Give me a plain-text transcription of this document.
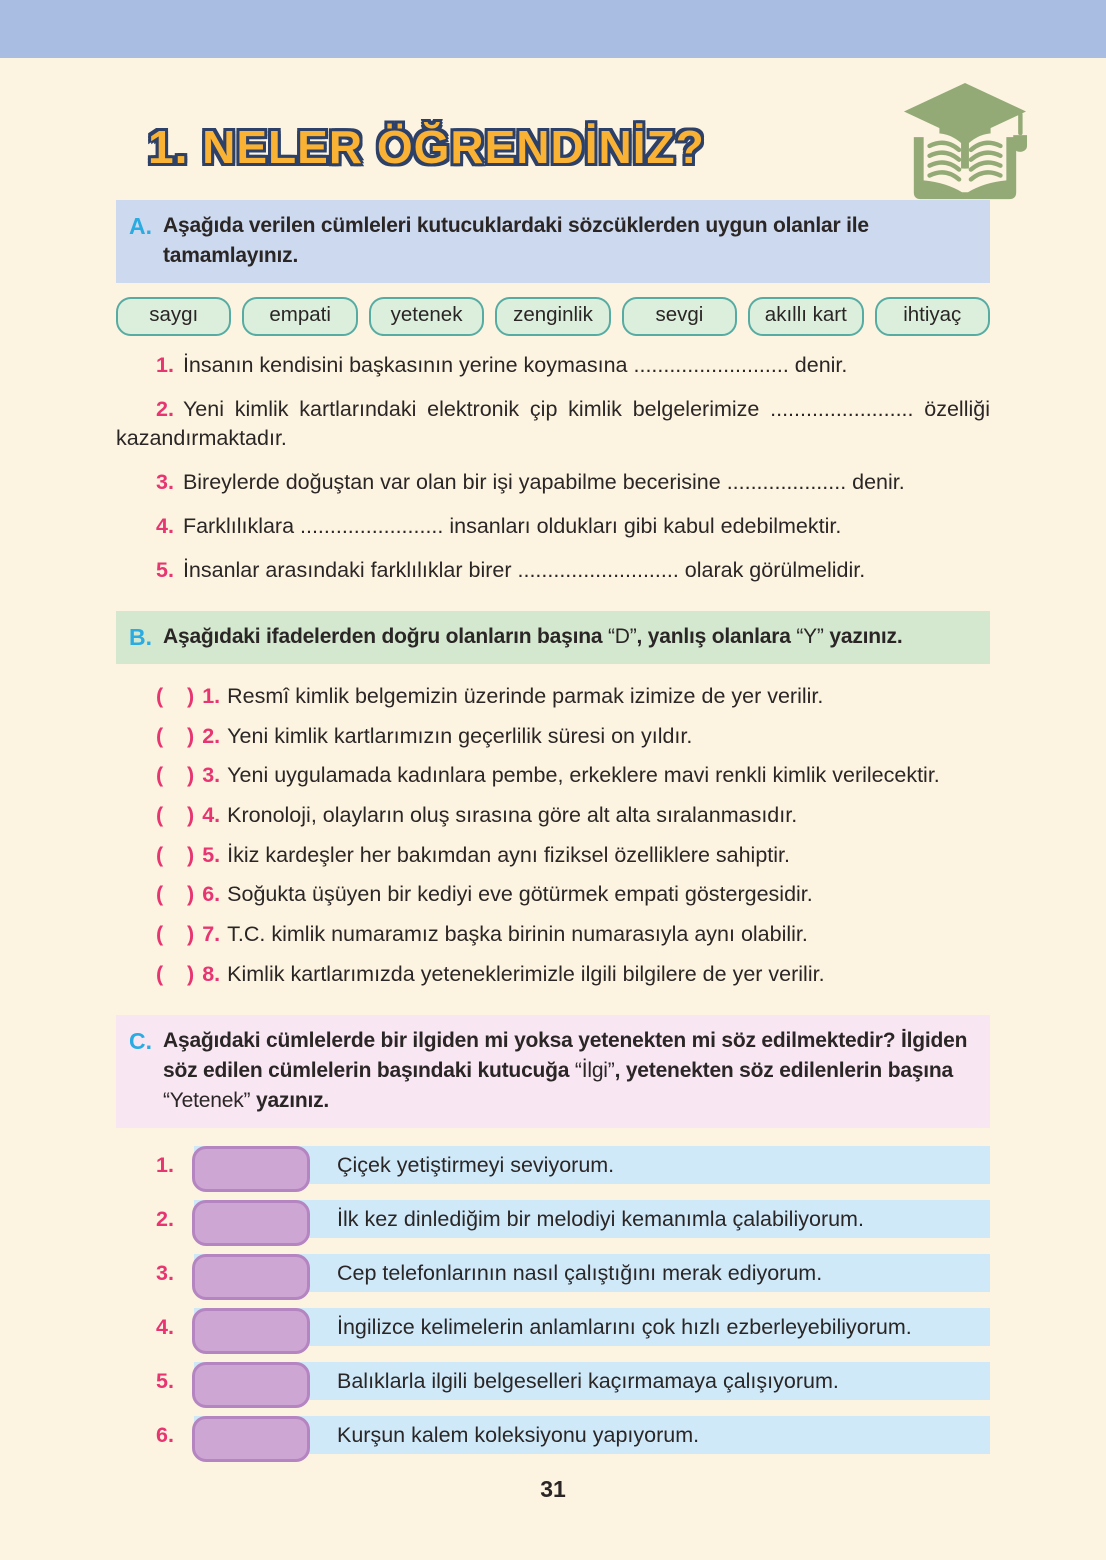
1. NELER ÖĞRENDİNİZ?
A. Aşağıda verilen cümleleri kutucuklardaki sözcüklerden uygun olanlar ile tamamlayınız.

saygı	empati	yetenek	zenginlik	sevgi	akıllı kart	ihtiyaç

1. İnsanın kendisini başkasının yerine koymasına .......................... denir.

2. Yeni kimlik kartlarındaki elektronik çip kimlik belgelerimize ........................ özelliği kazandırmaktadır.

3. Bireylerde doğuştan var olan bir işi yapabilme becerisine .................... denir.

4. Farklılıklara ........................ insanları oldukları gibi kabul edebilmektir.

5. İnsanlar arasındaki farklılıklar birer ........................... olarak görülmelidir.

B. Aşağıdaki ifadelerden doğru olanların başına “D”, yanlış olanlara “Y” yazınız.

(    ) 1. Resmî kimlik belgemizin üzerinde parmak izimize de yer verilir.

(    ) 2. Yeni kimlik kartlarımızın geçerlilik süresi on yıldır.

(    ) 3. Yeni uygulamada kadınlara pembe, erkeklere mavi renkli kimlik verilecektir.

(    ) 4. Kronoloji, olayların oluş sırasına göre alt alta sıralanmasıdır.

(    ) 5. İkiz kardeşler her bakımdan aynı fiziksel özelliklere sahiptir.

(    ) 6. Soğukta üşüyen bir kediyi eve götürmek empati göstergesidir.

(    ) 7. T.C. kimlik numaramız başka birinin numarasıyla aynı olabilir.

(    ) 8. Kimlik kartlarımızda yeteneklerimizle ilgili bilgilere de yer verilir.

C. Aşağıdaki cümlelerde bir ilgiden mi yoksa yetenekten mi söz edilmektedir? İlgiden söz edilen cümlelerin başındaki kutucuğa “İlgi”, yetenekten söz edilenlerin başına “Yetenek” yazınız.

1.	Çiçek yetiştirmeyi seviyorum.
2.	İlk kez dinlediğim bir melodiyi kemanımla çalabiliyorum.
3.	Cep telefonlarının nasıl çalıştığını merak ediyorum.
4.	İngilizce kelimelerin anlamlarını çok hızlı ezberleyebiliyorum.
5.	Balıklarla ilgili belgeselleri kaçırmamaya çalışıyorum.
6.	Kurşun kalem koleksiyonu yapıyorum.
31
